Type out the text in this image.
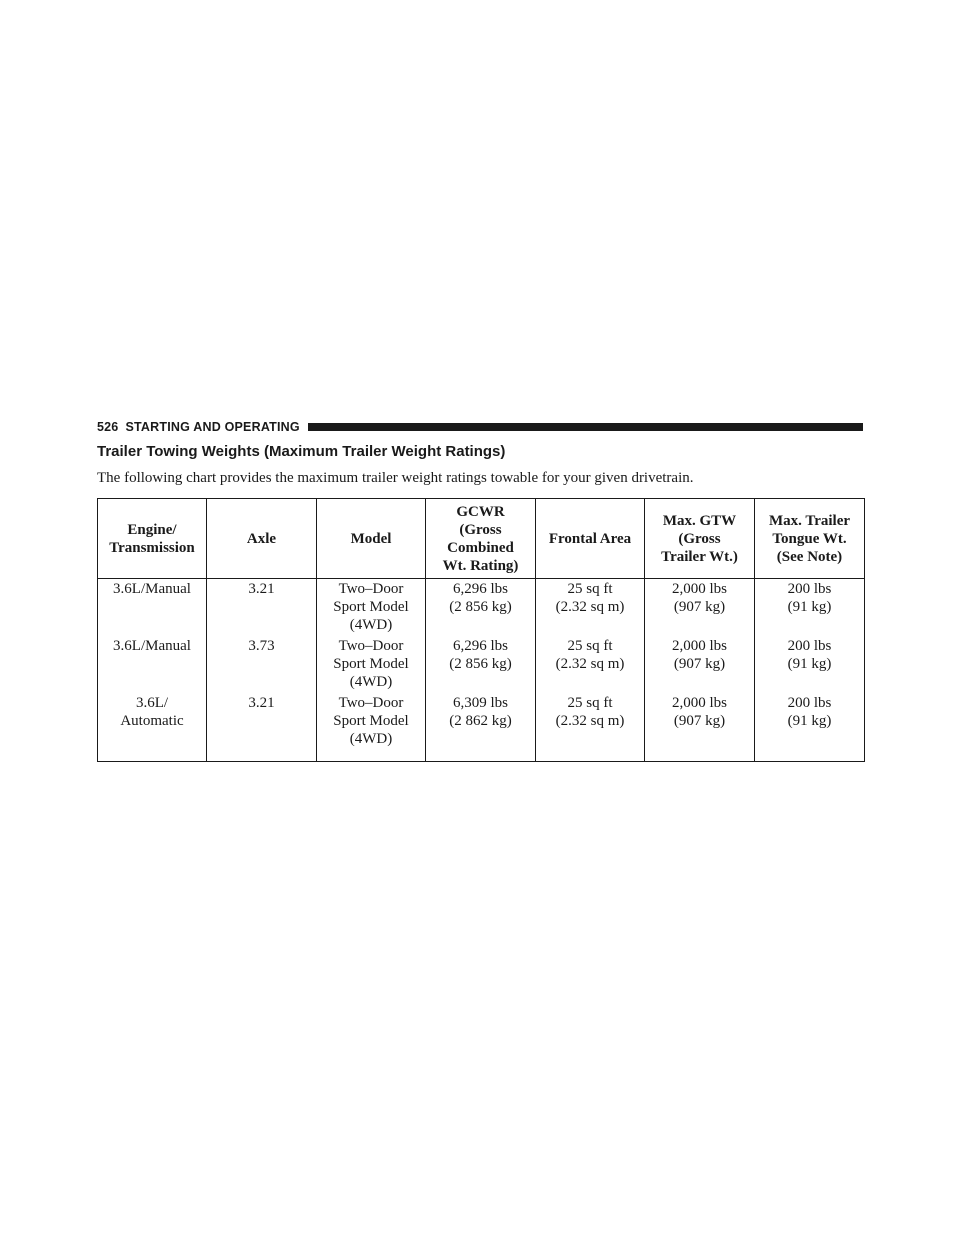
526 STARTING AND OPERATING
Trailer Towing Weights (Maximum Trailer Weight Ratings)
The following chart provides the maximum trailer weight ratings towable for your given drivetrain.
Engine/
Transmission	Axle	Model	GCWR
(Gross
Combined
Wt. Rating)	Frontal Area	Max. GTW
(Gross
Trailer Wt.)	Max. Trailer
Tongue Wt.
(See Note)

3.6L/Manual	3.21	Two–Door
Sport Model
(4WD)	6,296 lbs
(2 856 kg)	25 sq ft
(2.32 sq m)	2,000 lbs
(907 kg)	200 lbs
(91 kg)

3.6L/Manual	3.73	Two–Door
Sport Model
(4WD)	6,296 lbs
(2 856 kg)	25 sq ft
(2.32 sq m)	2,000 lbs
(907 kg)	200 lbs
(91 kg)

3.6L/
Automatic	3.21	Two–Door
Sport Model
(4WD)	6,309 lbs
(2 862 kg)	25 sq ft
(2.32 sq m)	2,000 lbs
(907 kg)	200 lbs
(91 kg)
